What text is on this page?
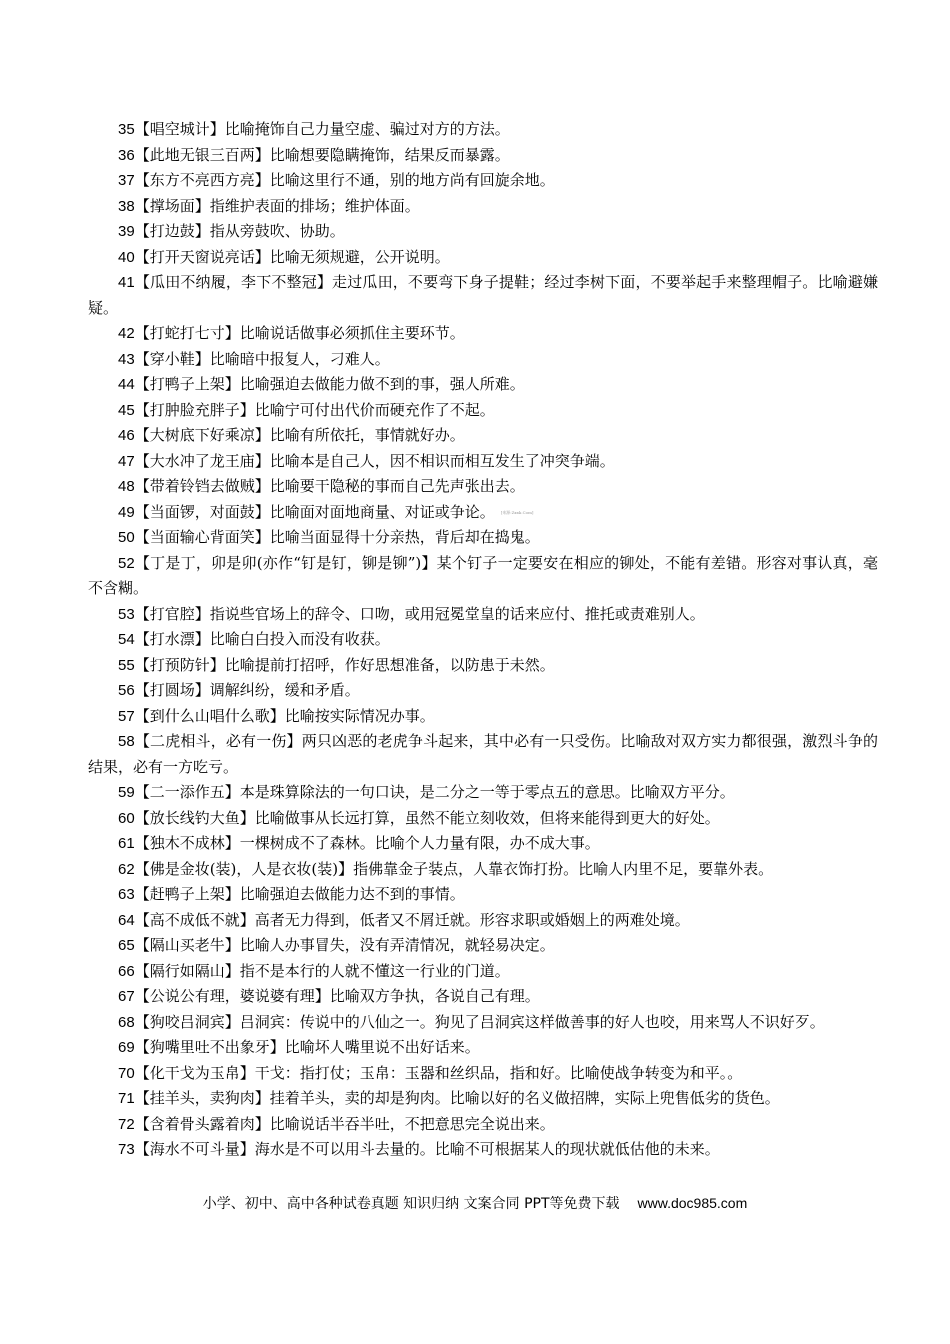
35【唱空城计】比喻掩饰自己力量空虚、骗过对方的方法。

36【此地无银三百两】比喻想要隐瞒掩饰，结果反而暴露。

37【东方不亮西方亮】比喻这里行不通，别的地方尚有回旋余地。

38【撑场面】指维护表面的排场；维护体面。

39【打边鼓】指从旁鼓吹、协助。

40【打开天窗说亮话】比喻无须规避，公开说明。

41【瓜田不纳履，李下不整冠】走过瓜田，不要弯下身子提鞋；经过李树下面，不要举起手来整理帽子。比喻避嫌疑。

42【打蛇打七寸】比喻说话做事必须抓住主要环节。

43【穿小鞋】比喻暗中报复人，刁难人。

44【打鸭子上架】比喻强迫去做能力做不到的事，强人所难。

45【打肿脸充胖子】比喻宁可付出代价而硬充作了不起。

46【大树底下好乘凉】比喻有所依托，事情就好办。

47【大水冲了龙王庙】比喻本是自己人，因不相识而相互发生了冲突争端。

48【带着铃铛去做贼】比喻要干隐秘的事而自己先声张出去。

49【当面锣，对面鼓】比喻面对面地商量、对证或争论。 [来源:Zxxk.Com]

50【当面输心背面笑】比喻当面显得十分亲热，背后却在捣鬼。

52【丁是丁，卯是卯(亦作“钉是钉，铆是铆”)】某个钉子一定要安在相应的铆处，不能有差错。形容对事认真，毫不含糊。

53【打官腔】指说些官场上的辞令、口吻，或用冠冕堂皇的话来应付、推托或责难别人。

54【打水漂】比喻白白投入而没有收获。

55【打预防针】比喻提前打招呼，作好思想准备，以防患于未然。

56【打圆场】调解纠纷，缓和矛盾。

57【到什么山唱什么歌】比喻按实际情况办事。

58【二虎相斗，必有一伤】两只凶恶的老虎争斗起来，其中必有一只受伤。比喻敌对双方实力都很强，激烈斗争的结果，必有一方吃亏。

59【二一添作五】本是珠算除法的一句口诀，是二分之一等于零点五的意思。比喻双方平分。

60【放长线钓大鱼】比喻做事从长远打算，虽然不能立刻收效，但将来能得到更大的好处。

61【独木不成林】一棵树成不了森林。比喻个人力量有限，办不成大事。

62【佛是金妆(装)，人是衣妆(装)】指佛靠金子装点，人靠衣饰打扮。比喻人内里不足，要靠外表。

63【赶鸭子上架】比喻强迫去做能力达不到的事情。

64【高不成低不就】高者无力得到，低者又不屑迁就。形容求职或婚姻上的两难处境。

65【隔山买老牛】比喻人办事冒失，没有弄清情况，就轻易决定。

66【隔行如隔山】指不是本行的人就不懂这一行业的门道。

67【公说公有理，婆说婆有理】比喻双方争执，各说自己有理。

68【狗咬吕洞宾】吕洞宾：传说中的八仙之一。狗见了吕洞宾这样做善事的好人也咬，用来骂人不识好歹。

69【狗嘴里吐不出象牙】比喻坏人嘴里说不出好话来。

70【化干戈为玉帛】干戈：指打仗；玉帛：玉器和丝织品，指和好。比喻使战争转变为和平。。

71【挂羊头，卖狗肉】挂着羊头，卖的却是狗肉。比喻以好的名义做招牌，实际上兜售低劣的货色。

72【含着骨头露着肉】比喻说话半吞半吐，不把意思完全说出来。

73【海水不可斗量】海水是不可以用斗去量的。比喻不可根据某人的现状就低估他的未来。

小学、初中、高中各种试卷真题 知识归纳 文案合同 PPT等免费下载 www.doc985.com
